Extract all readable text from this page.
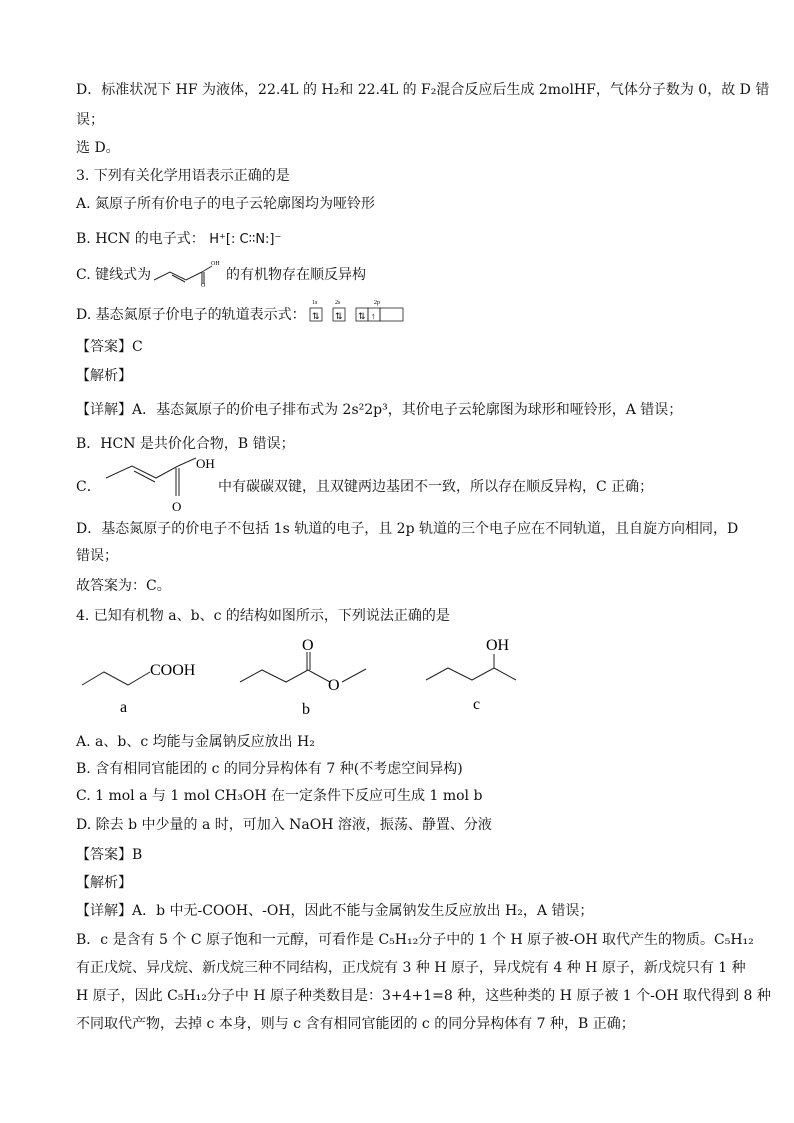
D．标准状况下 HF 为液体，22.4L 的 H₂和 22.4L 的 F₂混合反应后生成 2molHF，气体分子数为 0，故 D 错
误；
选 D。
3. 下列有关化学用语表示正确的是
A. 氮原子所有价电子的电子云轮廓图均为哑铃形
B. HCN 的电子式： H⁺[: C∶∶N:]⁻
C. 键线式为
OH
O
的有机物存在顺反异构
D. 基态氮原子价电子的轨道表示式：
1s	2s	2p
⇅ ⇅ ⇅ ↑
【答案】C
【解析】
【详解】A．基态氮原子的价电子排布式为 2s²2p³，其价电子云轮廓图为球形和哑铃形，A 错误；
B．HCN 是共价化合物，B 错误；
C．
OH
O
中有碳碳双键，且双键两边基团不一致，所以存在顺反异构，C 正确；
D．基态氮原子的价电子不包括 1s 轨道的电子，且 2p 轨道的三个电子应在不同轨道，且自旋方向相同，D
错误；
故答案为：C。
4. 已知有机物 a、b、c 的结构如图所示，下列说法正确的是
COOH
a
O
O
b
OH
c
A. a、b、c 均能与金属钠反应放出 H₂
B. 含有相同官能团的 c 的同分异构体有 7 种(不考虑空间异构)
C. 1 mol a 与 1 mol CH₃OH 在一定条件下反应可生成 1 mol b
D. 除去 b 中少量的 a 时，可加入 NaOH 溶液，振荡、静置、分液
【答案】B
【解析】
【详解】A．b 中无-COOH、-OH，因此不能与金属钠发生反应放出 H₂，A 错误；
B．c 是含有 5 个 C 原子饱和一元醇，可看作是 C₅H₁₂分子中的 1 个 H 原子被-OH 取代产生的物质。C₅H₁₂
有正戊烷、异戊烷、新戊烷三种不同结构，正戊烷有 3 种 H 原子，异戊烷有 4 种 H 原子，新戊烷只有 1 种
H 原子，因此 C₅H₁₂分子中 H 原子种类数目是：3+4+1=8 种，这些种类的 H 原子被 1 个-OH 取代得到 8 种
不同取代产物，去掉 c 本身，则与 c 含有相同官能团的 c 的同分异构体有 7 种，B 正确；
